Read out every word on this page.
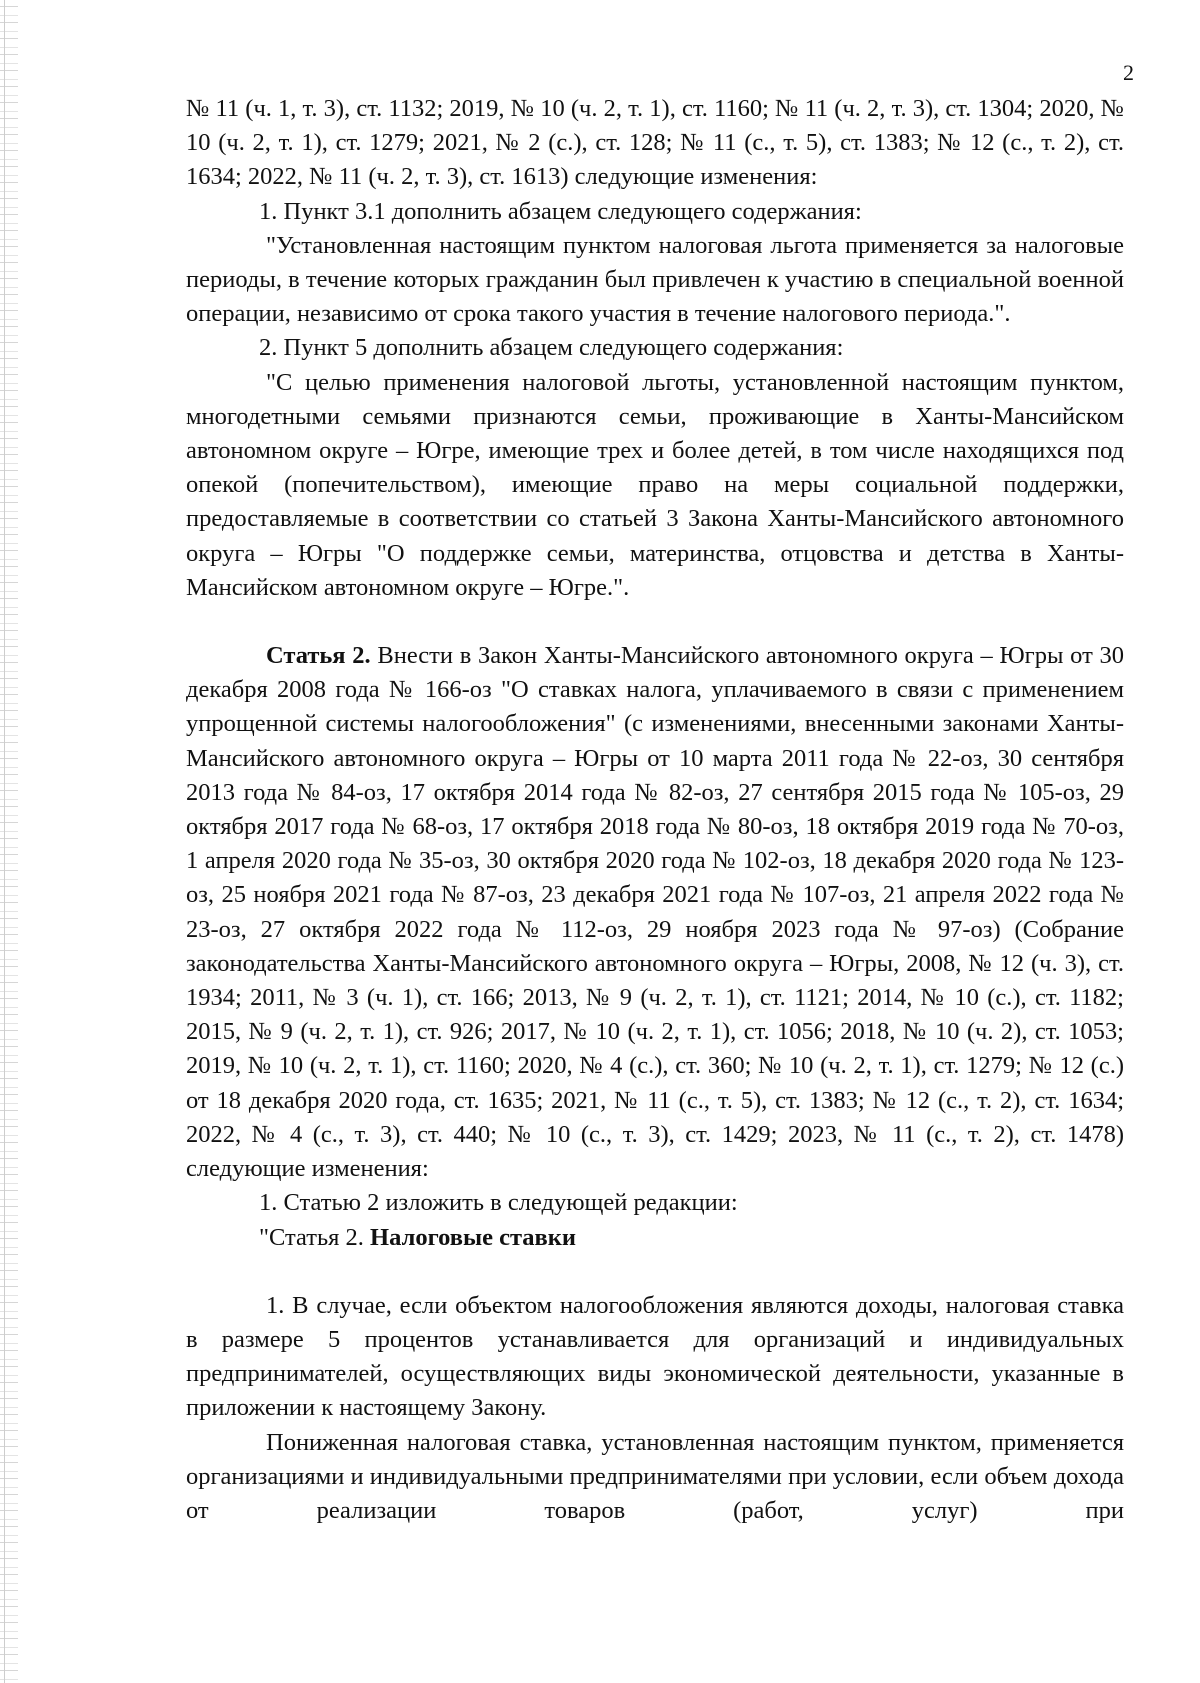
2

№ 11 (ч. 1, т. 3), ст. 1132; 2019, № 10 (ч. 2, т. 1), ст. 1160; № 11 (ч. 2, т. 3), ст. 1304; 2020, № 10 (ч. 2, т. 1), ст. 1279; 2021, № 2 (с.), ст. 128; № 11 (с., т. 5), ст. 1383; № 12 (с., т. 2), ст. 1634; 2022, № 11 (ч. 2, т. 3), ст. 1613) следующие изменения:

1. Пункт 3.1 дополнить абзацем следующего содержания:

"Установленная настоящим пунктом налоговая льгота применяется за налоговые периоды, в течение которых гражданин был привлечен к участию в специальной военной операции, независимо от срока такого участия в течение налогового периода.".

2. Пункт 5 дополнить абзацем следующего содержания:

"С целью применения налоговой льготы, установленной настоящим пунктом, многодетными семьями признаются семьи, проживающие в Ханты-Мансийском автономном округе – Югре, имеющие трех и более детей, в том числе находящихся под опекой (попечительством), имеющие право на меры социальной поддержки, предоставляемые в соответствии со статьей 3 Закона Ханты-Мансийского автономного округа – Югры "О поддержке семьи, материнства, отцовства и детства в Ханты-Мансийском автономном округе – Югре.".

Статья 2. Внести в Закон Ханты-Мансийского автономного округа – Югры от 30 декабря 2008 года № 166-оз "О ставках налога, уплачиваемого в связи с применением упрощенной системы налогообложения" (с изменениями, внесенными законами Ханты-Мансийского автономного округа – Югры от 10 марта 2011 года № 22-оз, 30 сентября 2013 года № 84-оз, 17 октября 2014 года № 82-оз, 27 сентября 2015 года № 105-оз, 29 октября 2017 года № 68-оз, 17 октября 2018 года № 80-оз, 18 октября 2019 года № 70-оз, 1 апреля 2020 года № 35-оз, 30 октября 2020 года № 102-оз, 18 декабря 2020 года № 123-оз, 25 ноября 2021 года № 87-оз, 23 декабря 2021 года № 107-оз, 21 апреля 2022 года № 23-оз, 27 октября 2022 года № 112-оз, 29 ноября 2023 года № 97-оз) (Собрание законодательства Ханты-Мансийского автономного округа – Югры, 2008, № 12 (ч. 3), ст. 1934; 2011, № 3 (ч. 1), ст. 166; 2013, № 9 (ч. 2, т. 1), ст. 1121; 2014, № 10 (с.), ст. 1182; 2015, № 9 (ч. 2, т. 1), ст. 926; 2017, № 10 (ч. 2, т. 1), ст. 1056; 2018, № 10 (ч. 2), ст. 1053; 2019, № 10 (ч. 2, т. 1), ст. 1160; 2020, № 4 (с.), ст. 360; № 10 (ч. 2, т. 1), ст. 1279; № 12 (с.) от 18 декабря 2020 года, ст. 1635; 2021, № 11 (с., т. 5), ст. 1383; № 12 (с., т. 2), ст. 1634; 2022, № 4 (с., т. 3), ст. 440; № 10 (с., т. 3), ст. 1429; 2023, № 11 (с., т. 2), ст. 1478) следующие изменения:

1. Статью 2 изложить в следующей редакции:

"Статья 2. Налоговые ставки

1. В случае, если объектом налогообложения являются доходы, налоговая ставка в размере 5 процентов устанавливается для организаций и индивидуальных предпринимателей, осуществляющих виды экономической деятельности, указанные в приложении к настоящему Закону.

Пониженная налоговая ставка, установленная настоящим пунктом, применяется организациями и индивидуальными предпринимателями при условии, если объем дохода от реализации товаров (работ, услуг) при
